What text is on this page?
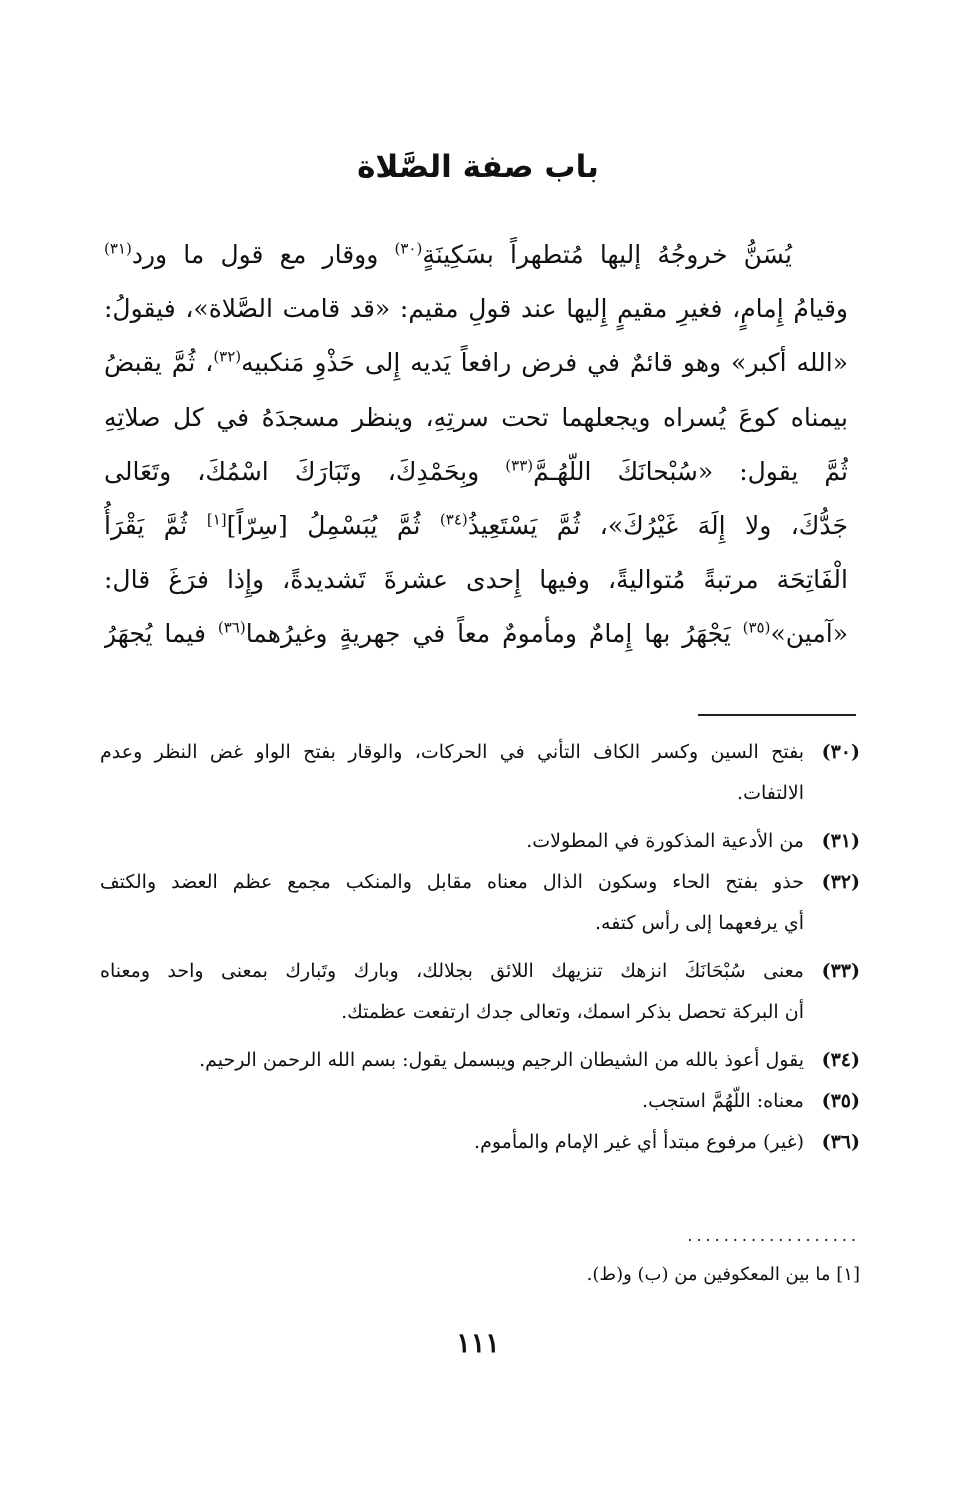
باب صفة الصَّلاة
يُسَنُّ خروجُهُ إليها مُتطهراً بسَكِينَةٍ$^{(٣٠)}$ ووقار مع قول ما ورد$^{(٣١)}$
وقيامُ إِمامٍ، فغيرِ مقيمٍ إِليها عند قولِ مقيم: «قد قامت الصَّلاة»، فيقولُ:
«الله أكبر» وهو قائمٌ في فرض رافعاً يَديه إِلى حَذْوِ مَنكبيه$^{(٣٢)}$، ثُمَّ يقبضُ
بيمناه كوعَ يُسراه ويجعلهما تحت سرتِهِ، وينظر مسجدَهُ في كل صلاتِهِ
ثُمَّ يقول: «سُبْحانَكَ اللّهُـمَّ$^{(٣٣)}$ وبِحَمْدِكَ، وتَبَارَكَ اسْمُكَ، وتَعَالى
جَدُّكَ، ولا إِلَهَ غَيْرُكَ»، ثُمَّ يَسْتَعِيذُ$^{(٣٤)}$ ثُمَّ يُبَسْمِلُ [سِرّاً][١] ثُمَّ يَقْرَأُ
الْفَاتِحَة مرتبةً مُتواليةً، وفيها إِحدى عشرةَ تَشديدةً، وإِذا فرَغَ قال:
«آمين»$^{(٣٥)}$ يَجْهَرُ بها إِمامٌ ومأمومٌ معاً في جهريةٍ وغيرُهما$^{(٣٦)}$ فيما يُجهَرُ
(٣٠)
بفتح السين وكسر الكاف التأني في الحركات، والوقار بفتح الواو غض النظر وعدم
الالتفات.
(٣١)
من الأدعية المذكورة في المطولات.
(٣٢)
حذو بفتح الحاء وسكون الذال معناه مقابل والمنكب مجمع عظم العضد والكتف
أي يرفعهما إلى رأس كتفه.
(٣٣)
معنى سُبْحَانَكَ انزهك تنزيهك اللائق بجلالك، وبارك وتَبارك بمعنى واحد ومعناه
أن البركة تحصل بذكر اسمك، وتعالى جدك ارتفعت عظمتك.
(٣٤)
يقول أعوذ بالله من الشيطان الرجيم ويبسمل يقول: بسم الله الرحمن الرحيم.
(٣٥)
معناه: اللّهُمَّ استجب.
(٣٦)
(غير) مرفوع مبتدأ أي غير الإمام والمأموم.
...................
[١] ما بين المعكوفين من (ب) و(ط).
١١١
